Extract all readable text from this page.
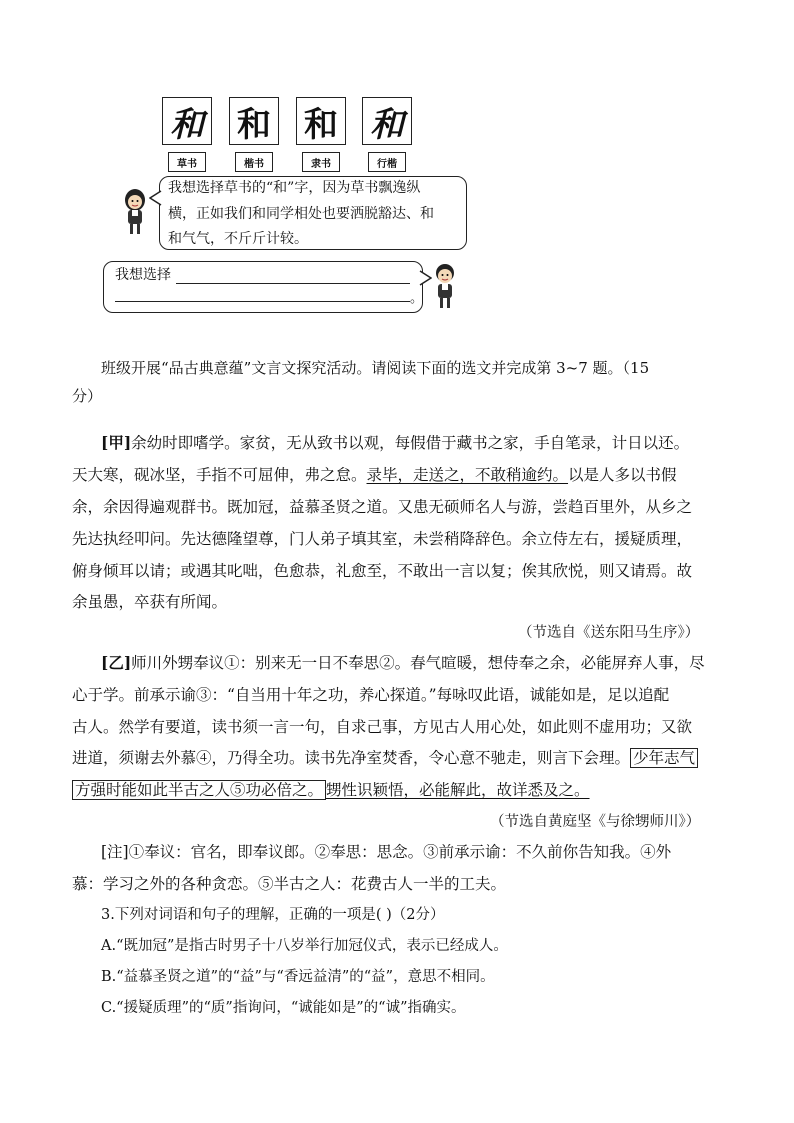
和 和 和 和
草书	楷书	隶书	行楷
我想选择草书的“和”字，因为草书飘逸纵
横，正如我们和同学相处也要洒脱豁达、和
和气气，不斤斤计较。
我想选择
。
班级开展“品古典意蕴”文言文探究活动。请阅读下面的选文并完成第 3~7 题。（15
分）
[甲]余幼时即嗜学。家贫，无从致书以观，每假借于藏书之家，手自笔录，计日以还。
天大寒，砚冰坚，手指不可屈伸，弗之怠。录毕，走送之，不敢稍逾约。以是人多以书假
余，余因得遍观群书。既加冠，益慕圣贤之道。又患无硕师名人与游，尝趋百里外，从乡之
先达执经叩问。先达德隆望尊，门人弟子填其室，未尝稍降辞色。余立侍左右，援疑质理，
俯身倾耳以请；或遇其叱咄，色愈恭，礼愈至，不敢出一言以复；俟其欣悦，则又请焉。故
余虽愚，卒获有所闻。
（节选自《送东阳马生序》）
[乙]师川外甥奉议①：别来无一日不奉思②。春气暄暖，想侍奉之余，必能屏弃人事，尽
心于学。前承示谕③：“自当用十年之功，养心探道。”每咏叹此语，诚能如是，足以追配
古人。然学有要道，读书须一言一句，自求己事，方见古人用心处，如此则不虚用功；又欲
进道，须谢去外慕④，乃得全功。读书先净室焚香，令心意不驰走，则言下会理。 少年志气
方强时能如此半古之人⑤功必倍之。 甥性识颖悟，必能解此，故详悉及之。
（节选自黄庭坚《与徐甥师川》）
[注]①奉议：官名，即奉议郎。②奉思：思念。③前承示谕：不久前你告知我。④外
慕：学习之外的各种贪恋。⑤半古之人：花费古人一半的工夫。
3.下列对词语和句子的理解，正确的一项是( )（2分）
A.“既加冠”是指古时男子十八岁举行加冠仪式，表示已经成人。
B.“益慕圣贤之道”的“益”与“香远益清”的“益”，意思不相同。
C.“援疑质理”的“质”指询问，“诚能如是”的“诚”指确实。
